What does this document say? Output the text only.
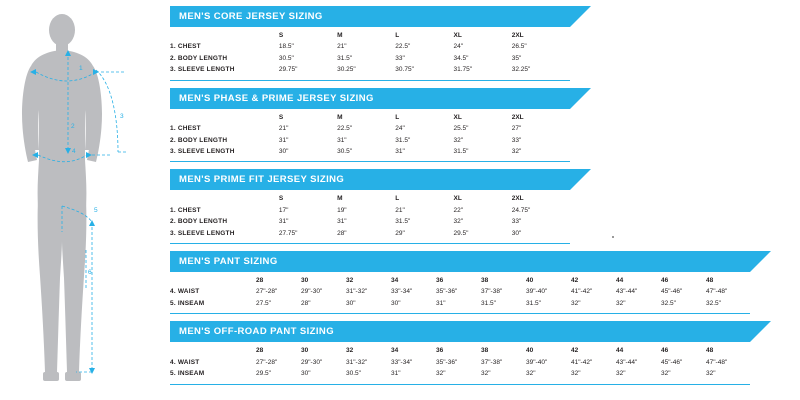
1
2
3
4
5
6
MEN'S CORE JERSEY SIZING
	S	M	L	XL	2XL
1. CHEST	18.5"	21"	22.5"	24"	26.5"
2. BODY LENGTH	30.5"	31.5"	33"	34.5"	35"
3. SLEEVE LENGTH	29.75"	30.25"	30.75"	31.75"	32.25"
MEN'S PHASE & PRIME JERSEY SIZING
	S	M	L	XL	2XL
1. CHEST	21"	22.5"	24"	25.5"	27"
2. BODY LENGTH	31"	31"	31.5"	32"	33"
3. SLEEVE LENGTH	30"	30.5"	31"	31.5"	32"
MEN'S PRIME FIT JERSEY SIZING
	S	M	L	XL	2XL
1. CHEST	17"	19"	21"	22"	24.75"
2. BODY LENGTH	31"	31"	31.5"	32"	33"
3. SLEEVE LENGTH	27.75"	28"	29"	29.5"	30"
MEN'S PANT SIZING
	28	30	32	34	36	38	40	42	44	46	48
4. WAIST	27"-28"	29"-30"	31"-32"	33"-34"	35"-36"	37"-38"	39"-40"	41"-42"	43"-44"	45"-46"	47"-48"
5. INSEAM	27.5"	28"	30"	30"	31"	31.5"	31.5"	32"	32"	32.5"	32.5"
MEN'S OFF-ROAD PANT SIZING
	28	30	32	34	36	38	40	42	44	46	48
4. WAIST	27"-28"	29"-30"	31"-32"	33"-34"	35"-36"	37"-38"	39"-40"	41"-42"	43"-44"	45"-46"	47"-48"
5. INSEAM	29.5"	30"	30.5"	31"	32"	32"	32"	32"	32"	32"	32"
